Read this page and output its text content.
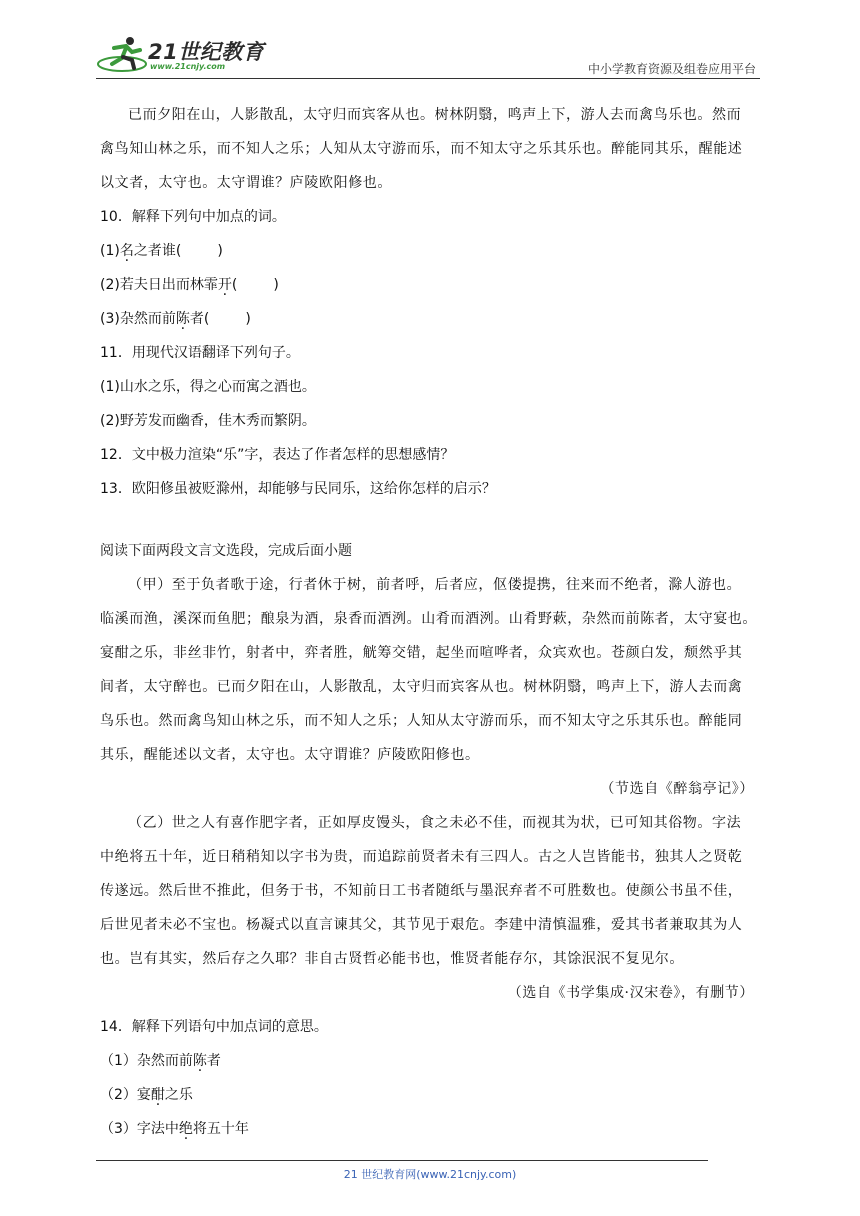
21世纪教育
www.21cnjy.com	中小学教育资源及组卷应用平台

已而夕阳在山，人影散乱，太守归而宾客从也。树林阴翳，鸣声上下，游人去而禽鸟乐也。然而

禽鸟知山林之乐，而不知人之乐；人知从太守游而乐，而不知太守之乐其乐也。醉能同其乐，醒能述

以文者，太守也。太守谓谁？庐陵欧阳修也。

10．解释下列句中加点的词。

(1)名之者谁(	)

(2)若夫日出而林霏开(	)

(3)杂然而前陈者(	)

11．用现代汉语翻译下列句子。

(1)山水之乐，得之心而寓之酒也。

(2)野芳发而幽香，佳木秀而繁阴。

12．文中极力渲染“乐”字，表达了作者怎样的思想感情？

13．欧阳修虽被贬滁州，却能够与民同乐，这给你怎样的启示？

阅读下面两段文言文选段，完成后面小题

（甲）至于负者歌于途，行者休于树，前者呼，后者应，伛偻提携，往来而不绝者，滁人游也。

临溪而渔，溪深而鱼肥；酿泉为酒，泉香而酒洌。山肴而酒洌。山肴野蔌，杂然而前陈者，太守宴也。

宴酣之乐，非丝非竹，射者中，弈者胜，觥筹交错，起坐而喧哗者，众宾欢也。苍颜白发，颓然乎其

间者，太守醉也。已而夕阳在山，人影散乱，太守归而宾客从也。树林阴翳，鸣声上下，游人去而禽

鸟乐也。然而禽鸟知山林之乐，而不知人之乐；人知从太守游而乐，而不知太守之乐其乐也。醉能同

其乐，醒能述以文者，太守也。太守谓谁？庐陵欧阳修也。

（节选自《醉翁亭记》）

（乙）世之人有喜作肥字者，正如厚皮馒头，食之未必不佳，而视其为状，已可知其俗物。字法

中绝将五十年，近日稍稍知以字书为贵，而追踪前贤者未有三四人。古之人岂皆能书，独其人之贤乾

传遂远。然后世不推此，但务于书，不知前日工书者随纸与墨泯弃者不可胜数也。使颜公书虽不佳，

后世见者未必不宝也。杨凝式以直言谏其父，其节见于艰危。李建中清慎温雅，爱其书者兼取其为人

也。岂有其实，然后存之久耶？非自古贤哲必能书也，惟贤者能存尔，其馀泯泯不复见尔。

（选自《书学集成·汉宋卷》，有删节）

14．解释下列语句中加点词的意思。

（1）杂然而前陈者

（2）宴酣之乐

（3）字法中绝将五十年

21 世纪教育网(www.21cnjy.com)
